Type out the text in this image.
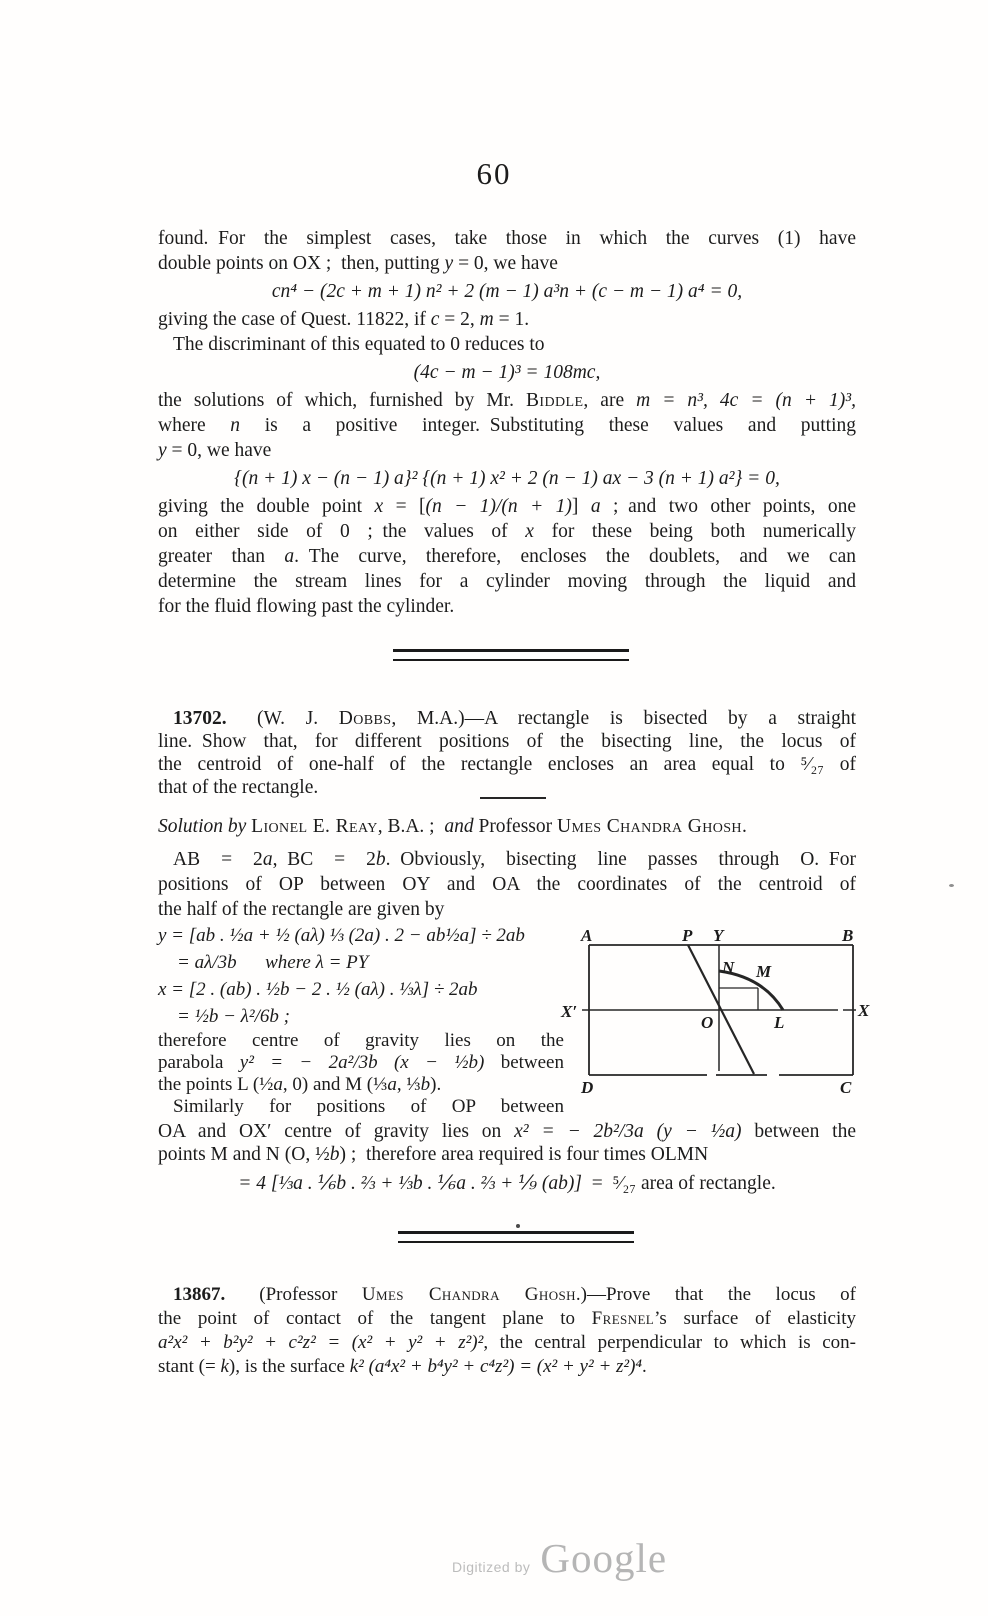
60
found. For the simplest cases, take those in which the curves (1) have
double points on OX ; then, putting y = 0, we have
cn⁴ − (2c + m + 1) n² + 2 (m − 1) a³n + (c − m − 1) a⁴ = 0,
giving the case of Quest. 11822, if c = 2, m = 1.
The discriminant of this equated to 0 reduces to
(4c − m − 1)³ = 108mc,
the solutions of which, furnished by Mr. Biddle, are m = n³, 4c = (n + 1)³,
where n is a positive integer. Substituting these values and putting
y = 0, we have
{(n + 1) x − (n − 1) a}² {(n + 1) x² + 2 (n − 1) ax − 3 (n + 1) a²} = 0,
giving the double point x = [(n − 1)/(n + 1)] a ; and two other points, one
on either side of 0 ; the values of x for these being both numerically
greater than a. The curve, therefore, encloses the doublets, and we can
determine the stream lines for a cylinder moving through the liquid and
for the fluid flowing past the cylinder.
13702.  (W. J. Dobbs, M.A.)—A rectangle is bisected by a straight
line. Show that, for different positions of the bisecting line, the locus of
the centroid of one-half of the rectangle encloses an area equal to ⁵⁄₂₇ of
that of the rectangle.
Solution by Lionel E. Reay, B.A. ; and Professor Umes Chandra Ghosh.
AB = 2a, BC = 2b. Obviously, bisecting line passes through O. For
positions of OP between OY and OA the coordinates of the centroid of
the half of the rectangle are given by
y = [ab . ½a + ½ (aλ) ⅓ (2a) . 2 − ab½a] ÷ 2ab
  = aλ/3b  where λ = PY
x = [2 . (ab) . ½b − 2 . ½ (aλ) . ⅓λ] ÷ 2ab
  = ½b − λ²/6b ;
therefore centre of gravity lies on the
parabola y² = − 2a²/3b (x − ½b) between
the points L (½a, 0) and M (⅓a, ⅓b).
Similarly for positions of OP between
A	P Y	B
X′	X
O
N M
L
D	C
OA and OX′ centre of gravity lies on x² = − 2b²/3a (y − ½a) between the
points M and N (O, ½b) ; therefore area required is four times OLMN
= 4 [⅓a . ⅙b . ⅔ + ⅓b . ⅙a . ⅔ + ⅑ (ab)] = ⁵⁄₂₇ area of rectangle.
13867.  (Professor Umes Chandra Ghosh.)—Prove that the locus of
the point of contact of the tangent plane to Fresnel’s surface of elasticity
a²x² + b²y² + c²z² = (x² + y² + z²)², the central perpendicular to which is con-
stant (= k), is the surface k² (a⁴x² + b⁴y² + c⁴z²) = (x² + y² + z²)⁴.
Digitized by Google
